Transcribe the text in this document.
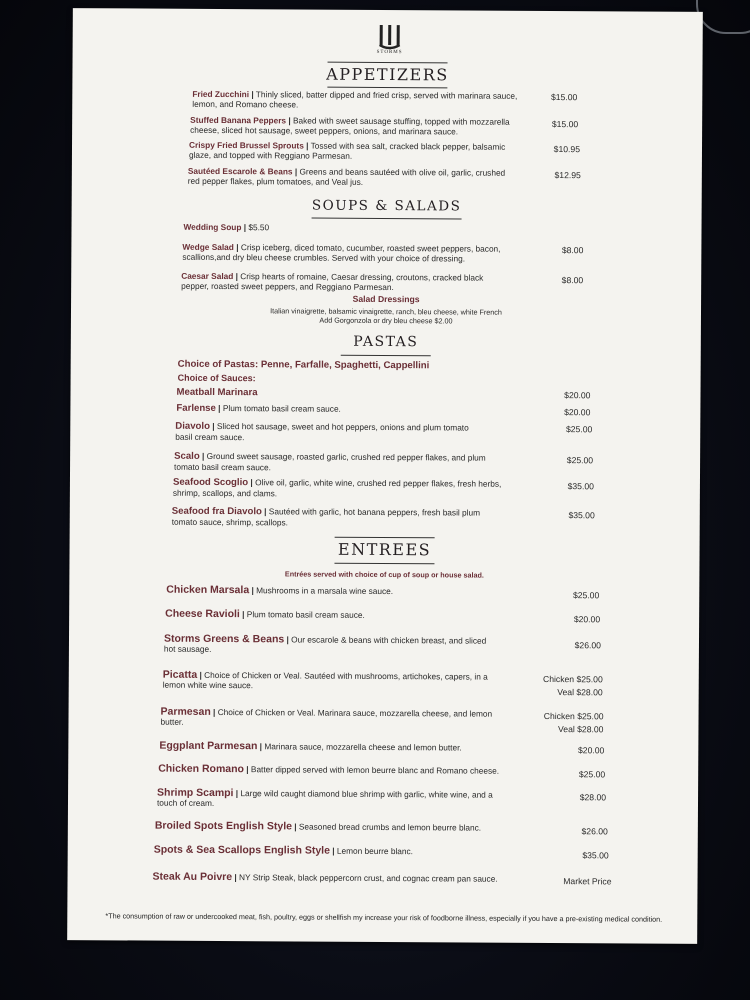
STORMS
APPETIZERS
Fried Zucchini | Thinly sliced, batter dipped and fried crisp, served with marinara sauce, lemon, and Romano cheese.
$15.00
Stuffed Banana Peppers | Baked with sweet sausage stuffing, topped with mozzarella cheese, sliced hot sausage, sweet peppers, onions, and marinara sauce.
$15.00
Crispy Fried Brussel Sprouts | Tossed with sea salt, cracked black pepper, balsamic glaze, and topped with Reggiano Parmesan.
$10.95
Sautéed Escarole & Beans | Greens and beans sautéed with olive oil, garlic, crushed red pepper flakes, plum tomatoes, and Veal jus.
$12.95
SOUPS & SALADS
Wedding Soup | $5.50
Wedge Salad | Crisp iceberg, diced tomato, cucumber, roasted sweet peppers, bacon, scallions,and dry bleu cheese crumbles. Served with your choice of dressing.
$8.00
Caesar Salad | Crisp hearts of romaine, Caesar dressing, croutons, cracked black pepper, roasted sweet peppers, and Reggiano Parmesan.
$8.00
Salad Dressings
Italian vinaigrette, balsamic vinaigrette, ranch, bleu cheese, white French
Add Gorgonzola or dry bleu cheese $2.00
PASTAS
Choice of Pastas: Penne, Farfalle, Spaghetti, Cappellini
Choice of Sauces:
Meatball Marinara	$20.00
Farlense | Plum tomato basil cream sauce.	$20.00
Diavolo | Sliced hot sausage, sweet and hot peppers, onions and plum tomato basil cream sauce.
$25.00
Scalo | Ground sweet sausage, roasted garlic, crushed red pepper flakes, and plum tomato basil cream sauce.
$25.00
Seafood Scoglio | Olive oil, garlic, white wine, crushed red pepper flakes, fresh herbs, shrimp, scallops, and clams.
$35.00
Seafood fra Diavolo | Sautéed with garlic, hot banana peppers, fresh basil plum tomato sauce, shrimp, scallops.
$35.00
ENTREES
Entrées served with choice of cup of soup or house salad.
Chicken Marsala | Mushrooms in a marsala wine sauce.	$25.00
Cheese Ravioli | Plum tomato basil cream sauce.	$20.00
Storms Greens & Beans | Our escarole & beans with chicken breast, and sliced hot sausage.	$26.00
Picatta | Choice of Chicken or Veal. Sautéed with mushrooms, artichokes, capers, in a lemon white wine sauce.
Chicken $25.00
Veal $28.00
Parmesan | Choice of Chicken or Veal. Marinara sauce, mozzarella cheese, and lemon butter.
Chicken $25.00
Veal $28.00
Eggplant Parmesan | Marinara sauce, mozzarella cheese and lemon butter.	$20.00
Chicken Romano | Batter dipped served with lemon beurre blanc and Romano cheese.	$25.00
Shrimp Scampi | Large wild caught diamond blue shrimp with garlic, white wine, and a touch of cream.
$28.00
Broiled Spots English Style | Seasoned bread crumbs and lemon beurre blanc.	$26.00
Spots & Sea Scallops English Style | Lemon beurre blanc.	$35.00
Steak Au Poivre | NY Strip Steak, black peppercorn crust, and cognac cream pan sauce.	Market Price
*The consumption of raw or undercooked meat, fish, poultry, eggs or shellfish my increase your risk of foodborne illness, especially if you have a pre-existing medical condition.
